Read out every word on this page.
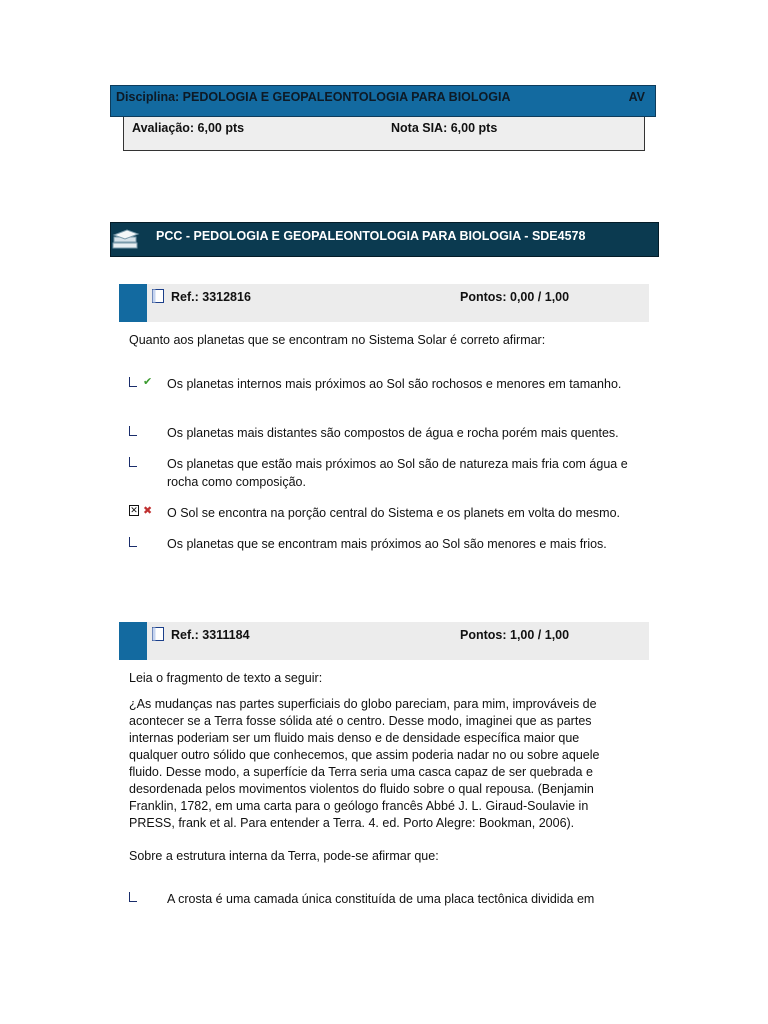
Disciplina: PEDOLOGIA E GEOPALEONTOLOGIA PARA BIOLOGIA	AV
Avaliação: 6,00 pts	Nota SIA: 6,00 pts
PCC - PEDOLOGIA E GEOPALEONTOLOGIA PARA BIOLOGIA - SDE4578
Ref.: 3312816	Pontos: 0,00 / 1,00
Quanto aos planetas que se encontram no Sistema Solar é correto afirmar:
✔ Os planetas internos mais próximos ao Sol são rochosos e menores em tamanho.
Os planetas mais distantes são compostos de água e rocha porém mais quentes.
Os planetas que estão mais próximos ao Sol são de natureza mais fria com água e rocha como composição.
✕ ✖ O Sol se encontra na porção central do Sistema e os planets em volta do mesmo.
Os planetas que se encontram mais próximos ao Sol são menores e mais frios.
Ref.: 3311184	Pontos: 1,00 / 1,00
Leia o fragmento de texto a seguir:
¿As mudanças nas partes superficiais do globo pareciam, para mim, improváveis de acontecer se a Terra fosse sólida até o centro. Desse modo, imaginei que as partes internas poderiam ser um fluido mais denso e de densidade específica maior que qualquer outro sólido que conhecemos, que assim poderia nadar no ou sobre aquele fluido. Desse modo, a superfície da Terra seria uma casca capaz de ser quebrada e desordenada pelos movimentos violentos do fluido sobre o qual repousa. (Benjamin Franklin, 1782, em uma carta para o geólogo francês Abbé J. L. Giraud-Soulavie in PRESS, frank et al. Para entender a Terra. 4. ed. Porto Alegre: Bookman, 2006).
Sobre a estrutura interna da Terra, pode-se afirmar que:
A crosta é uma camada única constituída de uma placa tectônica dividida em
